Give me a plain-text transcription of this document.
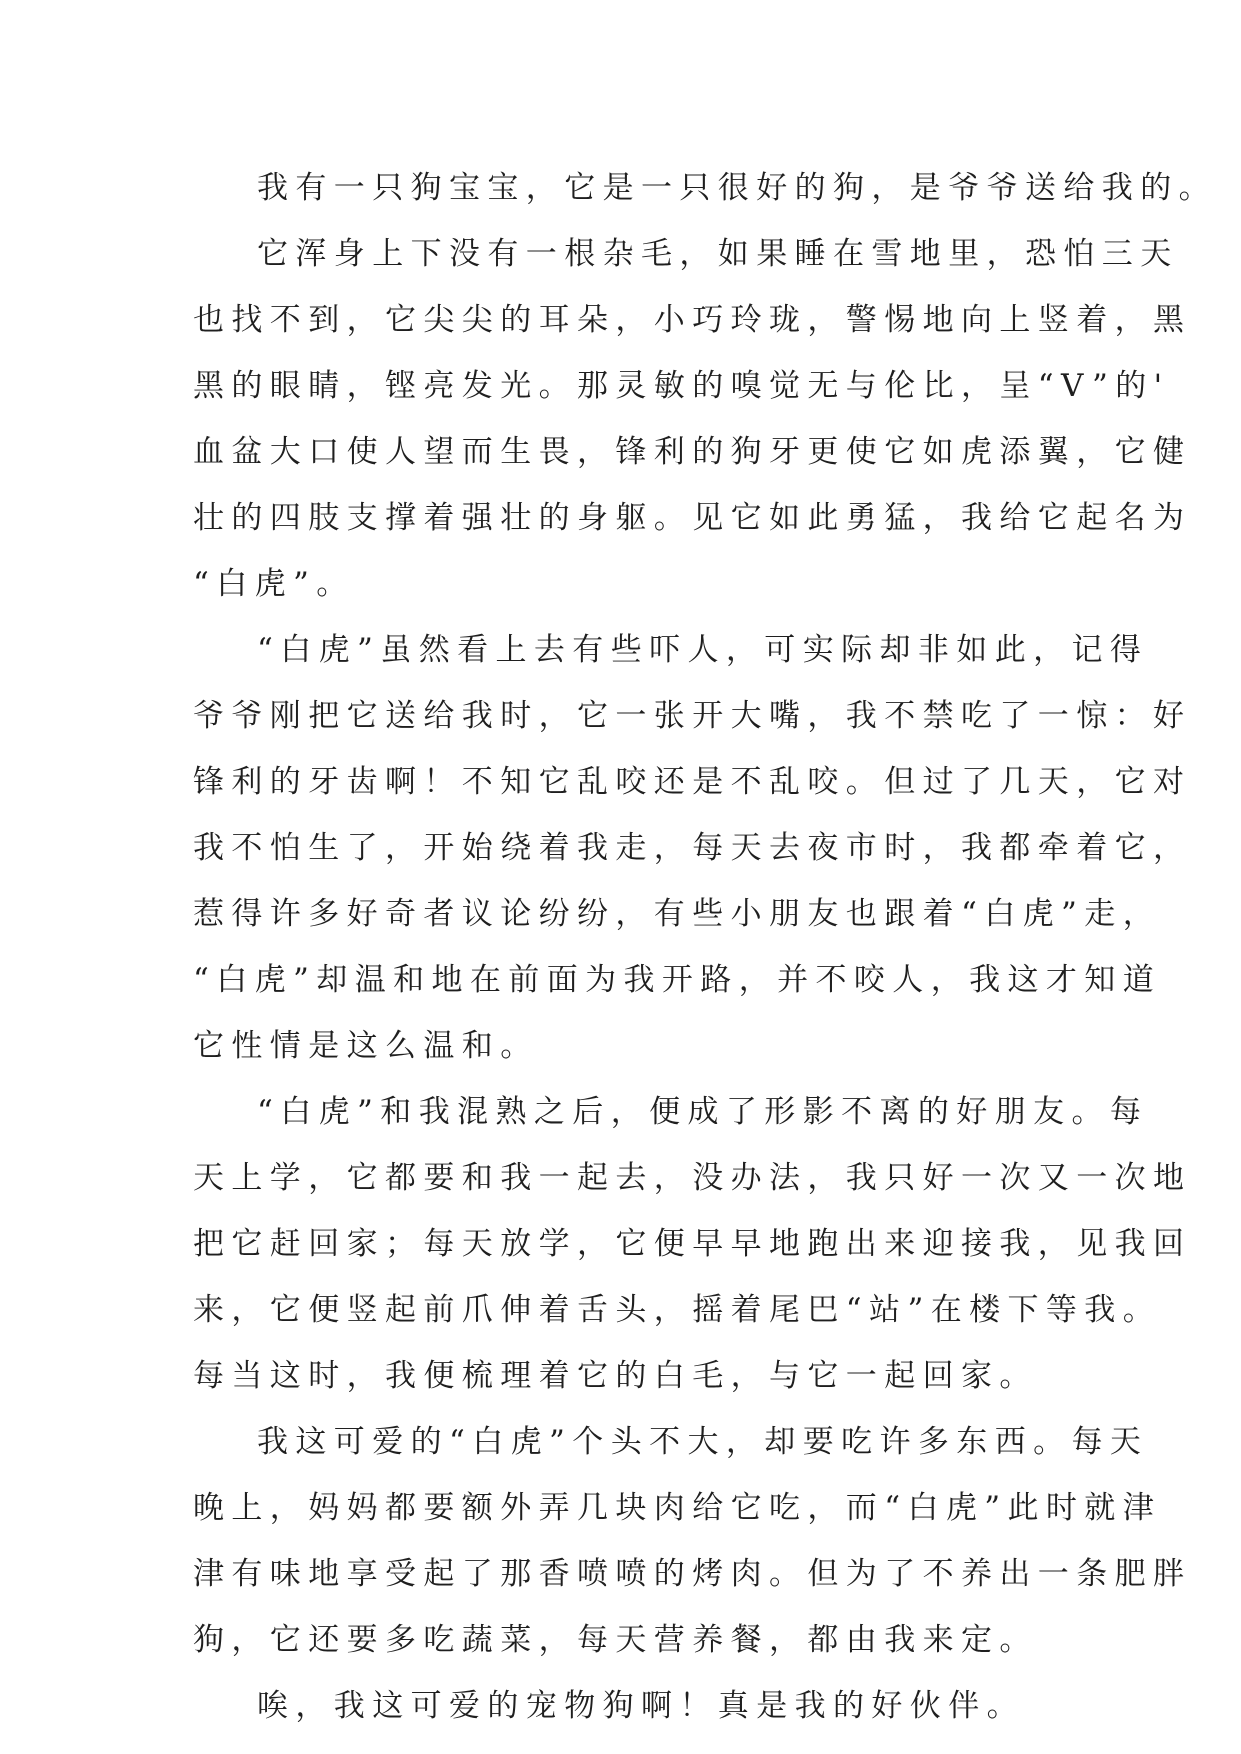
我有一只狗宝宝，它是一只很好的狗，是爷爷送给我的。
它浑身上下没有一根杂毛，如果睡在雪地里，恐怕三天
也找不到，它尖尖的耳朵，小巧玲珑，警惕地向上竖着，黑
黑的眼睛，铿亮发光。那灵敏的嗅觉无与伦比，呈“V”的'
血盆大口使人望而生畏，锋利的狗牙更使它如虎添翼，它健
壮的四肢支撑着强壮的身躯。见它如此勇猛，我给它起名为
“白虎”。
“白虎”虽然看上去有些吓人，可实际却非如此，记得
爷爷刚把它送给我时，它一张开大嘴，我不禁吃了一惊：好
锋利的牙齿啊！不知它乱咬还是不乱咬。但过了几天，它对
我不怕生了，开始绕着我走，每天去夜市时，我都牵着它，
惹得许多好奇者议论纷纷，有些小朋友也跟着“白虎”走，
“白虎”却温和地在前面为我开路，并不咬人，我这才知道
它性情是这么温和。
“白虎”和我混熟之后，便成了形影不离的好朋友。每
天上学，它都要和我一起去，没办法，我只好一次又一次地
把它赶回家；每天放学，它便早早地跑出来迎接我，见我回
来，它便竖起前爪伸着舌头，摇着尾巴“站”在楼下等我。
每当这时，我便梳理着它的白毛，与它一起回家。
我这可爱的“白虎”个头不大，却要吃许多东西。每天
晚上，妈妈都要额外弄几块肉给它吃，而“白虎”此时就津
津有味地享受起了那香喷喷的烤肉。但为了不养出一条肥胖
狗，它还要多吃蔬菜，每天营养餐，都由我来定。
唉，我这可爱的宠物狗啊！真是我的好伙伴。
